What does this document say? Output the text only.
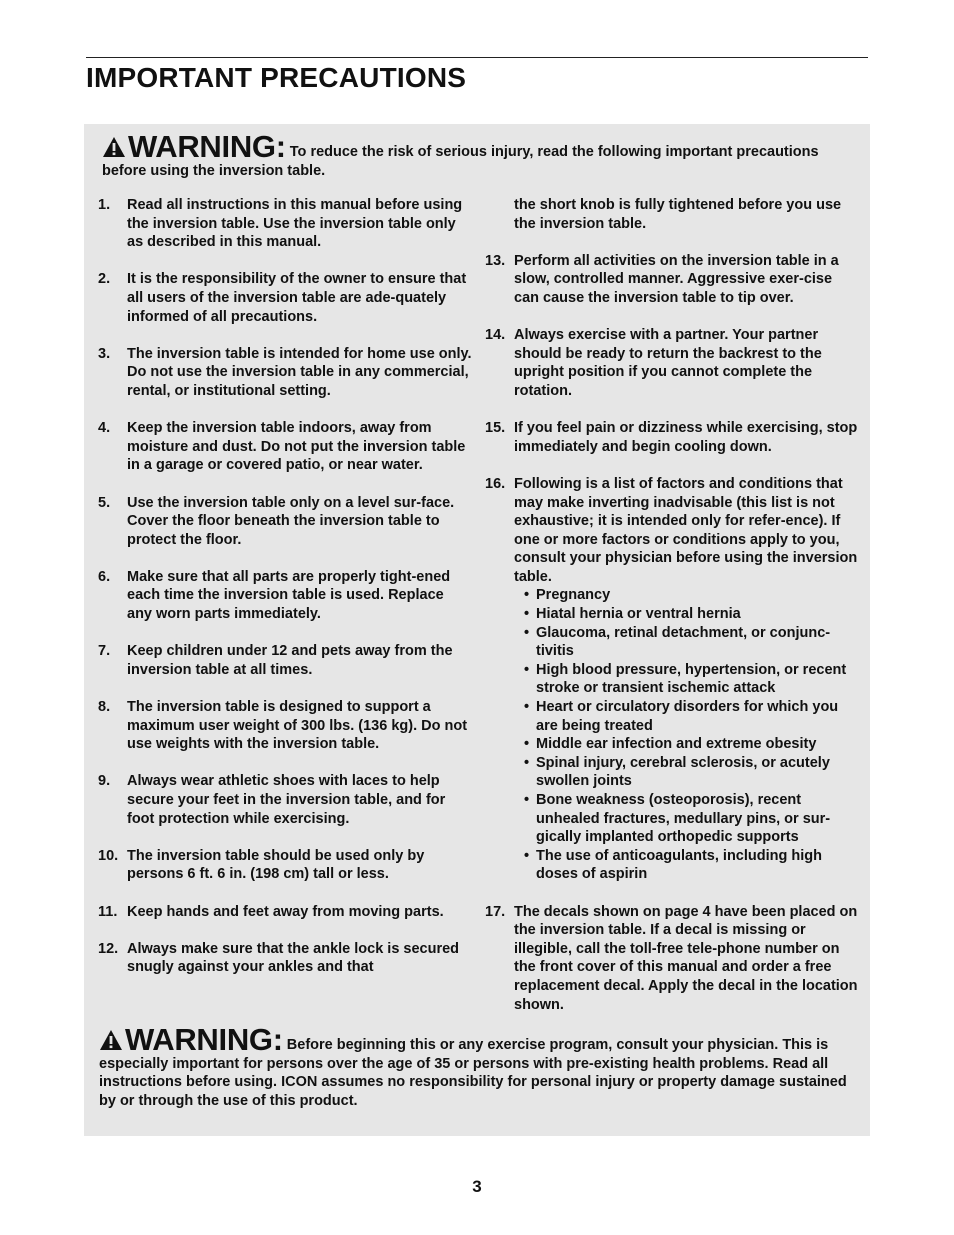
IMPORTANT PRECAUTIONS
WARNING: To reduce the risk of serious injury, read the following important precautions before using the inversion table.
1. Read all instructions in this manual before using the inversion table. Use the inversion table only as described in this manual.
2. It is the responsibility of the owner to ensure that all users of the inversion table are ade-quately informed of all precautions.
3. The inversion table is intended for home use only. Do not use the inversion table in any commercial, rental, or institutional setting.
4. Keep the inversion table indoors, away from moisture and dust. Do not put the inversion table in a garage or covered patio, or near water.
5. Use the inversion table only on a level sur-face. Cover the floor beneath the inversion table to protect the floor.
6. Make sure that all parts are properly tight-ened each time the inversion table is used. Replace any worn parts immediately.
7. Keep children under 12 and pets away from the inversion table at all times.
8. The inversion table is designed to support a maximum user weight of 300 lbs. (136 kg). Do not use weights with the inversion table.
9. Always wear athletic shoes with laces to help secure your feet in the inversion table, and for foot protection while exercising.
10. The inversion table should be used only by persons 6 ft. 6 in. (198 cm) tall or less.
11. Keep hands and feet away from moving parts.
12. Always make sure that the ankle lock is secured snugly against your ankles and that
the short knob is fully tightened before you use the inversion table.
13. Perform all activities on the inversion table in a slow, controlled manner. Aggressive exer-cise can cause the inversion table to tip over.
14. Always exercise with a partner. Your partner should be ready to return the backrest to the upright position if you cannot complete the rotation.
15. If you feel pain or dizziness while exercising, stop immediately and begin cooling down.
16. Following is a list of factors and conditions that may make inverting inadvisable (this list is not exhaustive; it is intended only for refer-ence). If one or more factors or conditions apply to you, consult your physician before using the inversion table.
• Pregnancy
• Hiatal hernia or ventral hernia
• Glaucoma, retinal detachment, or conjunc-tivitis
• High blood pressure, hypertension, or recent stroke or transient ischemic attack
• Heart or circulatory disorders for which you are being treated
• Middle ear infection and extreme obesity
• Spinal injury, cerebral sclerosis, or acutely swollen joints
• Bone weakness (osteoporosis), recent unhealed fractures, medullary pins, or sur-gically implanted orthopedic supports
• The use of anticoagulants, including high doses of aspirin
17. The decals shown on page 4 have been placed on the inversion table. If a decal is missing or illegible, call the toll-free tele-phone number on the front cover of this manual and order a free replacement decal. Apply the decal in the location shown.
WARNING: Before beginning this or any exercise program, consult your physician. This is especially important for persons over the age of 35 or persons with pre-existing health problems. Read all instructions before using. ICON assumes no responsibility for personal injury or property damage sustained by or through the use of this product.
3
